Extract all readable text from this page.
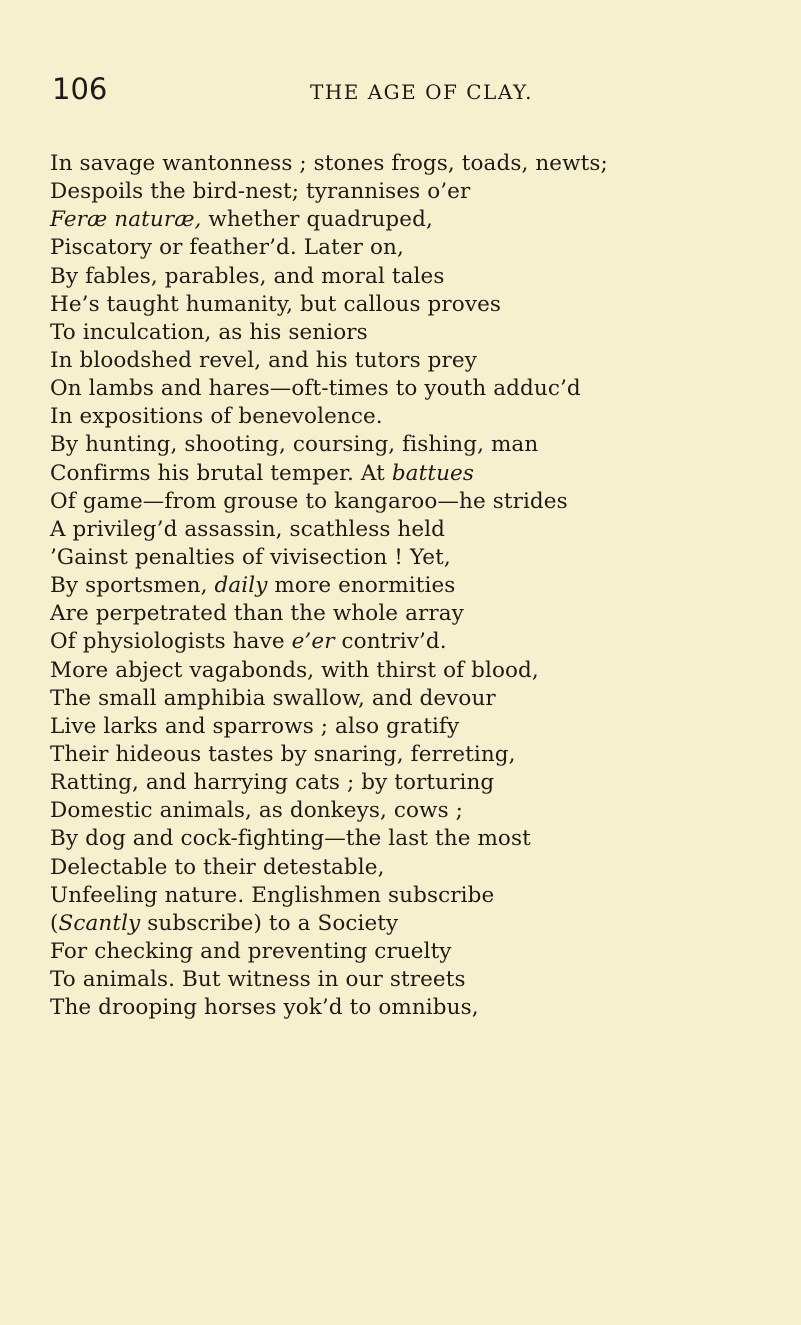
106	THE AGE OF CLAY.
In savage wantonness ; stones frogs, toads, newts;
Despoils the bird-nest; tyrannises o’er
Feræ naturæ, whether quadruped,
Piscatory or feather’d. Later on,
By fables, parables, and moral tales
He’s taught humanity, but callous proves
To inculcation, as his seniors
In bloodshed revel, and his tutors prey
On lambs and hares—oft-times to youth adduc’d
In expositions of benevolence.
By hunting, shooting, coursing, fishing, man
Confirms his brutal temper. At battues
Of game—from grouse to kangaroo—he strides
A privileg’d assassin, scathless held
’Gainst penalties of vivisection ! Yet,
By sportsmen, daily more enormities
Are perpetrated than the whole array
Of physiologists have e’er contriv’d.
More abject vagabonds, with thirst of blood,
The small amphibia swallow, and devour
Live larks and sparrows ; also gratify
Their hideous tastes by snaring, ferreting,
Ratting, and harrying cats ; by torturing
Domestic animals, as donkeys, cows ;
By dog and cock-fighting—the last the most
Delectable to their detestable,
Unfeeling nature. Englishmen subscribe
(Scantly subscribe) to a Society
For checking and preventing cruelty
To animals. But witness in our streets
The drooping horses yok’d to omnibus,
